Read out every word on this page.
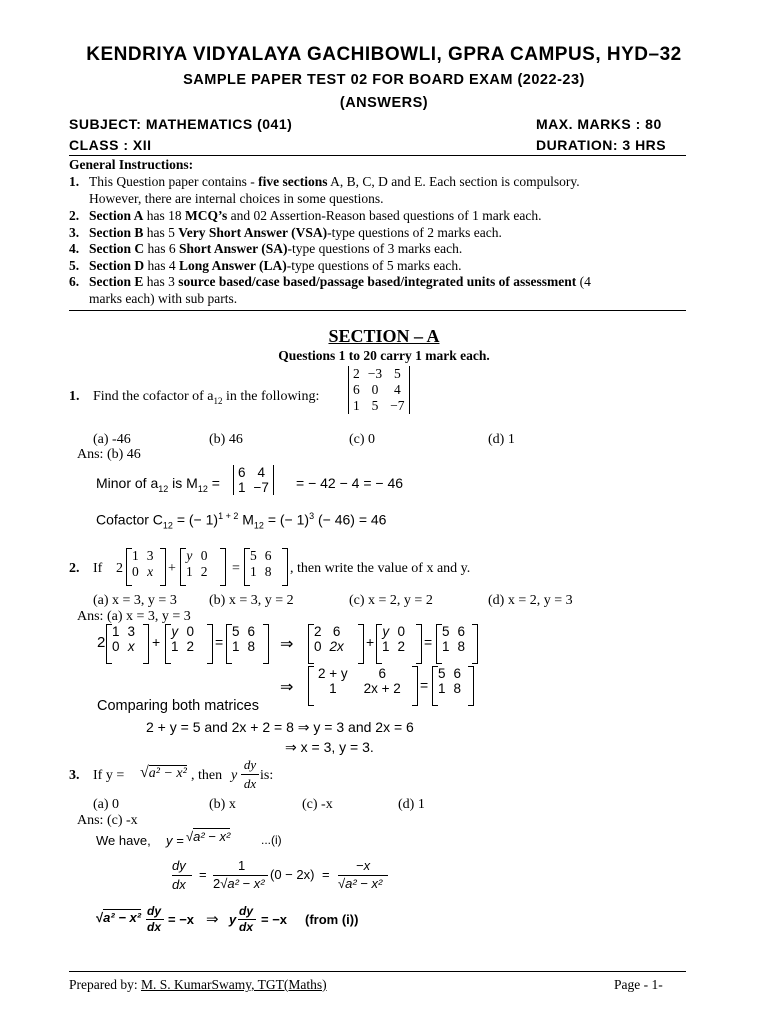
KENDRIYA VIDYALAYA GACHIBOWLI, GPRA CAMPUS, HYD–32
SAMPLE PAPER TEST 02 FOR BOARD EXAM (2022-23)
(ANSWERS)
SUBJECT: MATHEMATICS (041)	MAX. MARKS : 80
CLASS : XII	DURATION: 3 HRS
General Instructions:
1. This Question paper contains - five sections A, B, C, D and E. Each section is compulsory.
However, there are internal choices in some questions.
2. Section A has 18 MCQ’s and 02 Assertion-Reason based questions of 1 mark each.
3. Section B has 5 Very Short Answer (VSA)-type questions of 2 marks each.
4. Section C has 6 Short Answer (SA)-type questions of 3 marks each.
5. Section D has 4 Long Answer (LA)-type questions of 5 marks each.
6. Section E has 3 source based/case based/passage based/integrated units of assessment (4
marks each) with sub parts.
SECTION – A
Questions 1 to 20 carry 1 mark each.
1. Find the cofactor of $a_{12}$ in the following:
2	−3	5
6	0	4
1	5	−7
(a) -46	(b) 46	(c) 0	(d) 1
Ans: (b) 46
Minor of $a_{12}$ is $M_{12}$ =
6	4
1	−7 = − 42 − 4 = − 46
Cofactor $C_{12}$ = (− 1)$^{1 + 2}$ $M_{12}$ = (− 1)$^3$ (− 46) = 46
2. If 2
1	3
0	x +
y	0
1	2 =
5	6
1	8 , then write the value of x and y.
(a) x = 3, y = 3 (b) x = 3, y = 2	(c) x = 2, y = 2	(d) x = 2, y = 3
Ans: (a) x = 3, y = 3
2
1	3
0	x +
y	0
1	2 =
5	6
1	8 ⇒
2	6
0	2x +
y	0
1	2 =
5	6
1	8
⇒
2 + y	6
1	2x + 2 =
5	6
1	8
Comparing both matrices
2 + y = 5 and 2x + 2 = 8 ⇒ y = 3 and 2x = 6
⇒ x = 3, y = 3.
3. If y = √a² − x² , then y
dy
dx
is:
(a) 0	(b) x	(c) -x	(d) 1
Ans: (c) -x
We have, y = √a² − x²	...(i)
dy
dx
=
1
2√a² − x²
(0 − 2x) =
−x
√a² − x²
√a² − x² dy
dx = −x ⇒ y
dy
dx = −x (from (i))
Prepared by: M. S. KumarSwamy, TGT(Maths)	Page - 1-
